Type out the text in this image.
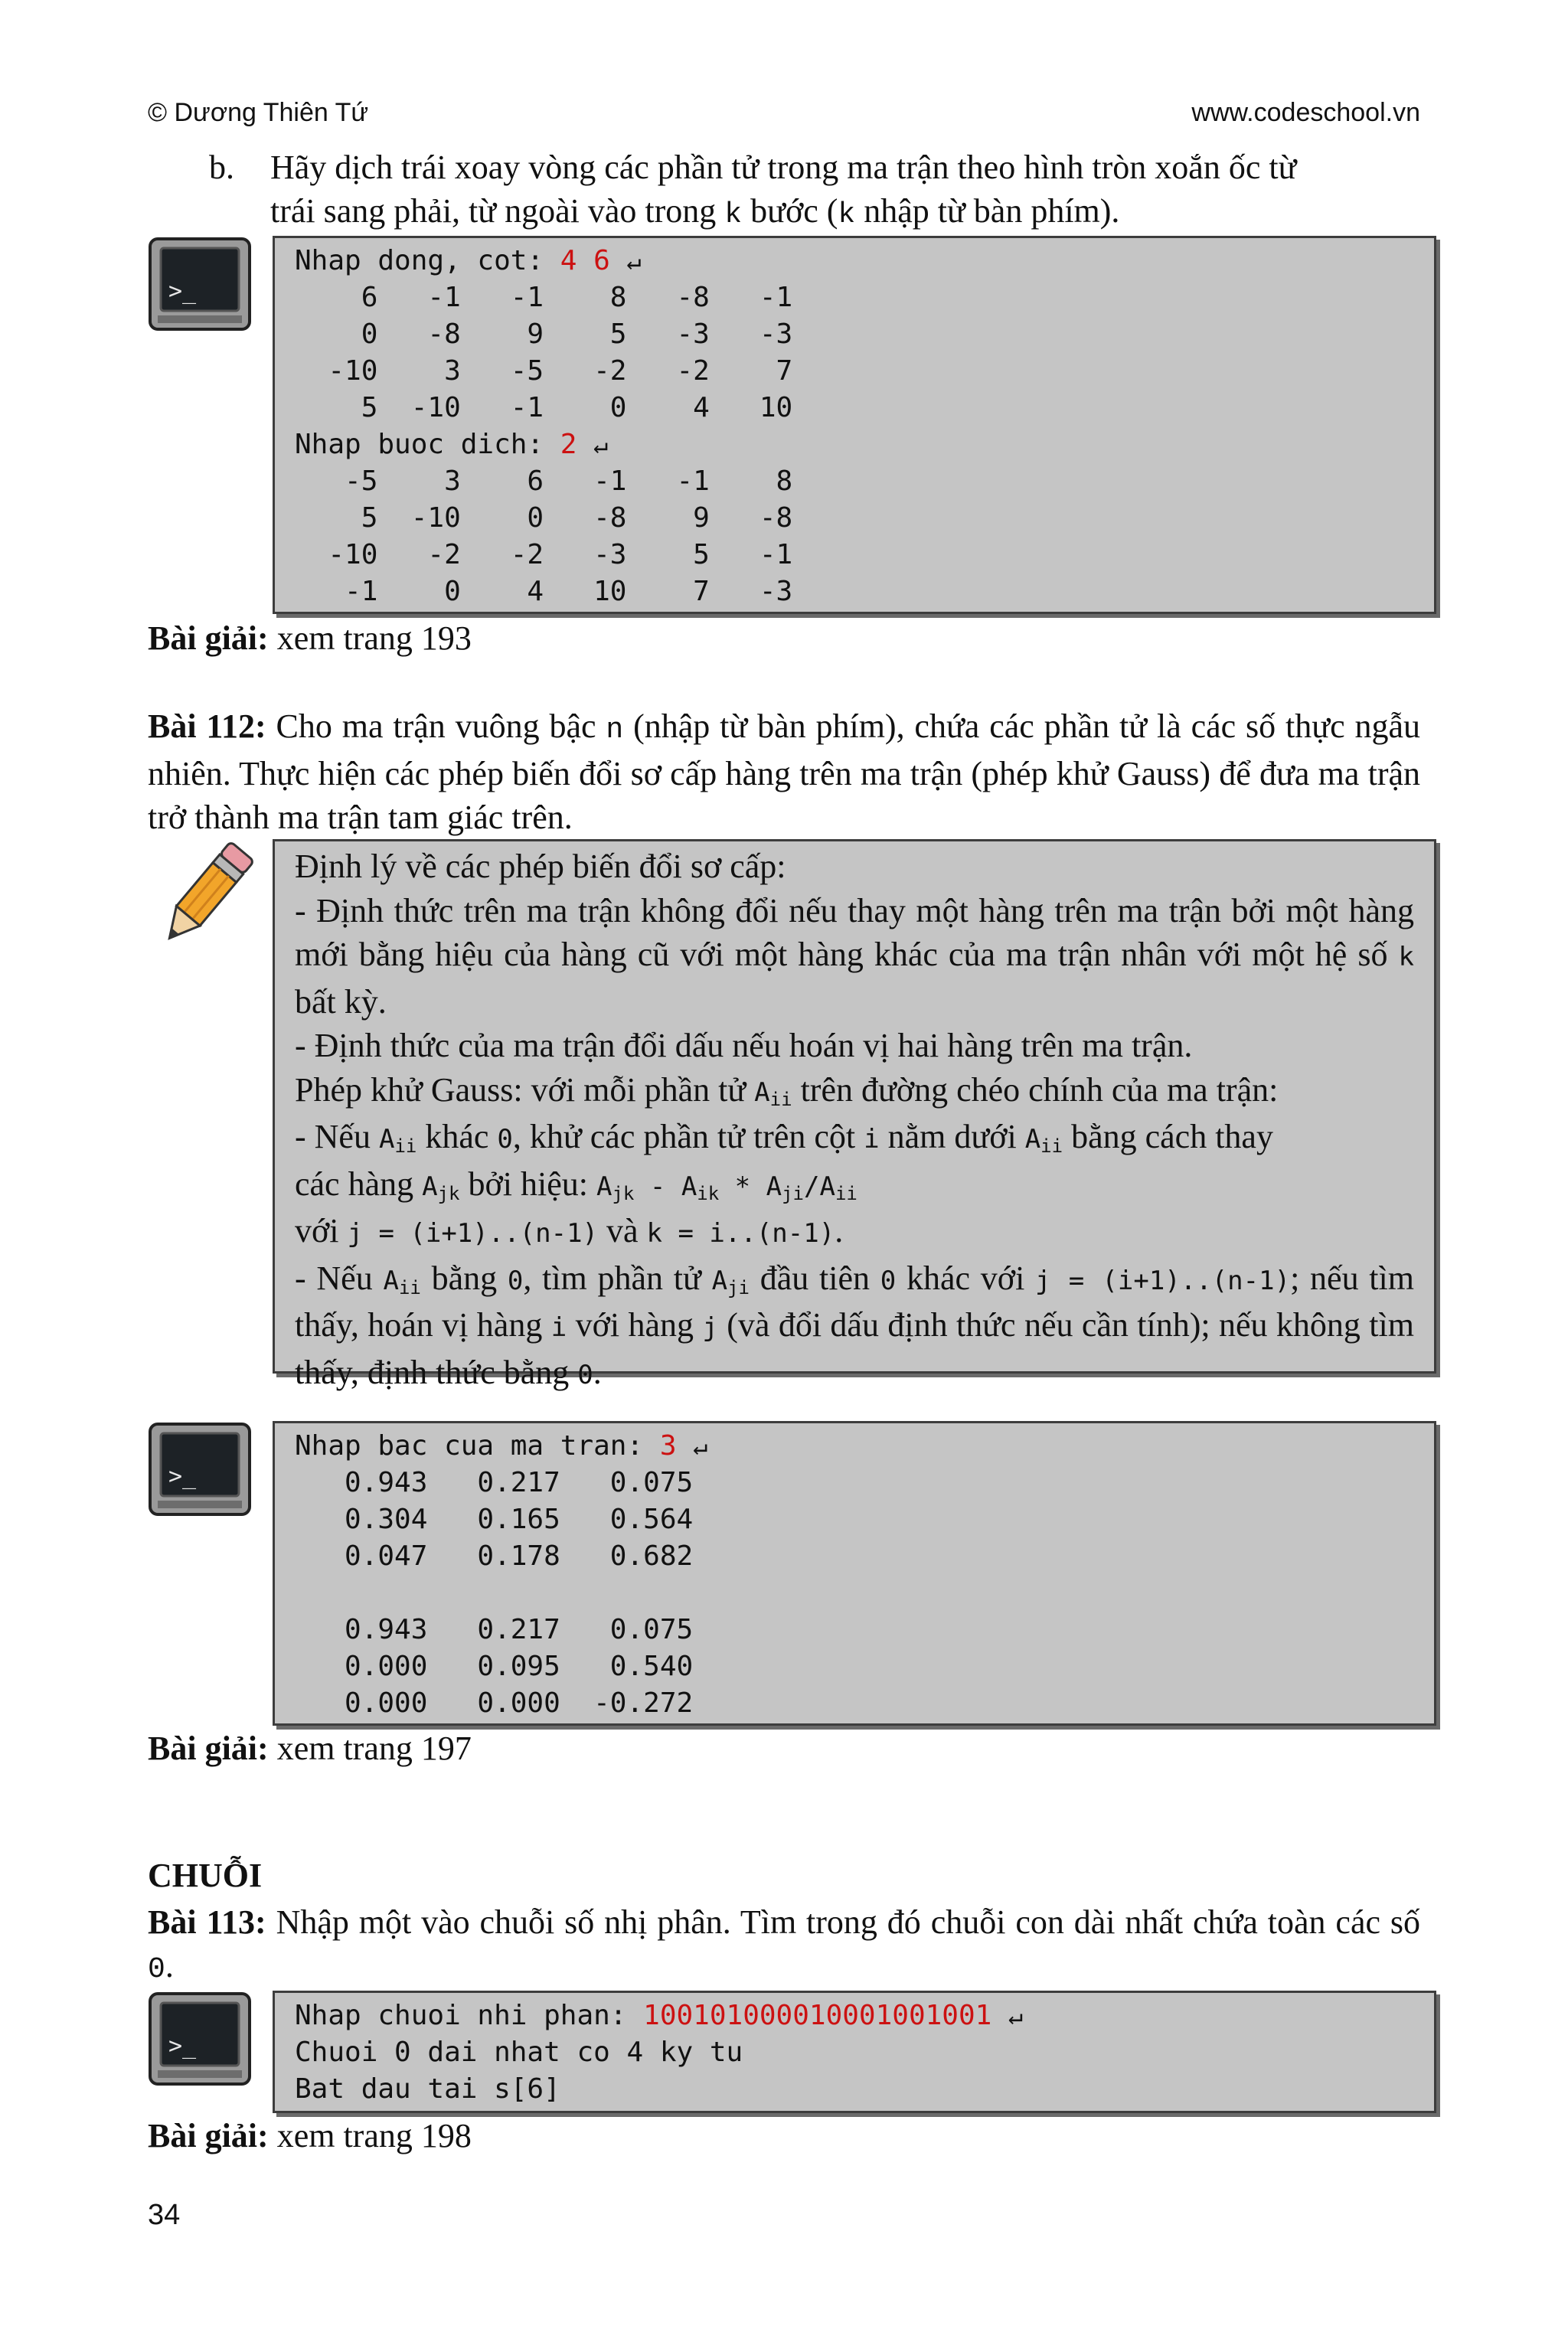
© Dương Thiên Tứ	www.codeschool.vn
b. Hãy dịch trái xoay vòng các phần tử trong ma trận theo hình tròn xoắn ốc từ
trái sang phải, từ ngoài vào trong k bước (k nhập từ bàn phím).
>_
Nhap dong, cot: 4 6 ↵
6   -1   -1    8   -8   -1
0   -8    9    5   -3   -3
-10    3   -5   -2   -2    7
5  -10   -1    0    4   10
Nhap buoc dich: 2 ↵
-5    3    6   -1   -1    8
5  -10    0   -8    9   -8
-10   -2   -2   -3    5   -1
-1    0    4   10    7   -3
Bài giải: xem trang 193
Bài 112: Cho ma trận vuông bậc n (nhập từ bàn phím), chứa các phần tử là các số thực ngẫu nhiên. Thực hiện các phép biến đổi sơ cấp hàng trên ma trận (phép khử Gauss) để đưa ma trận trở thành ma trận tam giác trên.
Định lý về các phép biến đổi sơ cấp:
- Định thức trên ma trận không đổi nếu thay một hàng trên ma trận bởi một hàng mới bằng hiệu của hàng cũ với một hàng khác của ma trận nhân với một hệ số k bất kỳ.
- Định thức của ma trận đổi dấu nếu hoán vị hai hàng trên ma trận.
Phép khử Gauss: với mỗi phần tử $A_{ii}$ trên đường chéo chính của ma trận:
- Nếu $A_{ii}$ khác 0, khử các phần tử trên cột i nằm dưới $A_{ii}$ bằng cách thay
các hàng $A_{jk}$ bởi hiệu: $A_{jk} - A_{ik} * A_{ji}/A_{ii}$
với j = (i+1)..(n-1) và k = i..(n-1).
- Nếu $A_{ii}$ bằng 0, tìm phần tử $A_{ji}$ đầu tiên 0 khác với j = (i+1)..(n-1); nếu tìm thấy, hoán vị hàng i với hàng j (và đổi dấu định thức nếu cần tính); nếu không tìm thấy, định thức bằng 0.
>_
Nhap bac cua ma tran: 3 ↵
0.943   0.217   0.075
0.304   0.165   0.564
0.047   0.178   0.682

0.943   0.217   0.075
0.000   0.095   0.540
0.000   0.000  -0.272
Bài giải: xem trang 197
CHUỖI
Bài 113: Nhập một vào chuỗi số nhị phân. Tìm trong đó chuỗi con dài nhất chứa toàn các số 0.
>_
Nhap chuoi nhi phan: 100101000010001001001 ↵
Chuoi 0 dai nhat co 4 ky tu
Bat dau tai s[6]
Bài giải: xem trang 198
34
